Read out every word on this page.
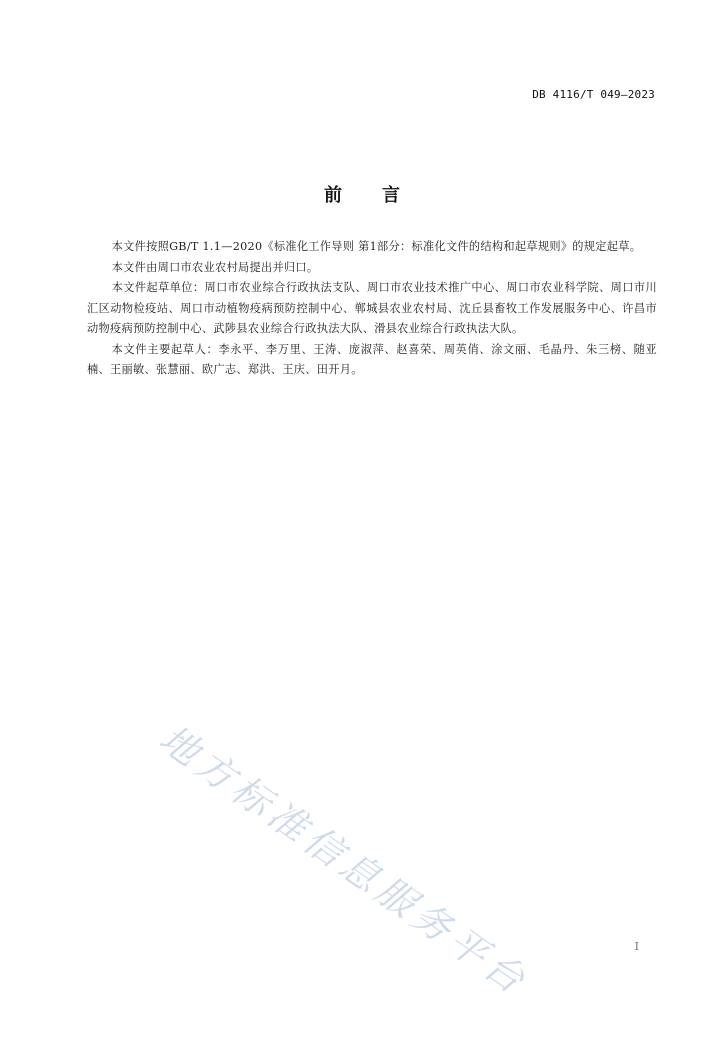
DB 4116/T 049—2023
前 言

本文件按照GB/T 1.1—2020《标准化工作导则 第1部分：标准化文件的结构和起草规则》的规定起草。

本文件由周口市农业农村局提出并归口。

本文件起草单位：周口市农业综合行政执法支队、周口市农业技术推广中心、周口市农业科学院、周口市川汇区动物检疫站、周口市动植物疫病预防控制中心、郸城县农业农村局、沈丘县畜牧工作发展服务中心、许昌市动物疫病预防控制中心、武陟县农业综合行政执法大队、滑县农业综合行政执法大队。

本文件主要起草人：李永平、李万里、王涛、庞淑萍、赵喜荣、周英俏、涂文丽、毛晶丹、朱三榜、随亚楠、王丽敏、张慧丽、欧广志、郑洪、王庆、田开月。

地方标准信息服务平台	I
